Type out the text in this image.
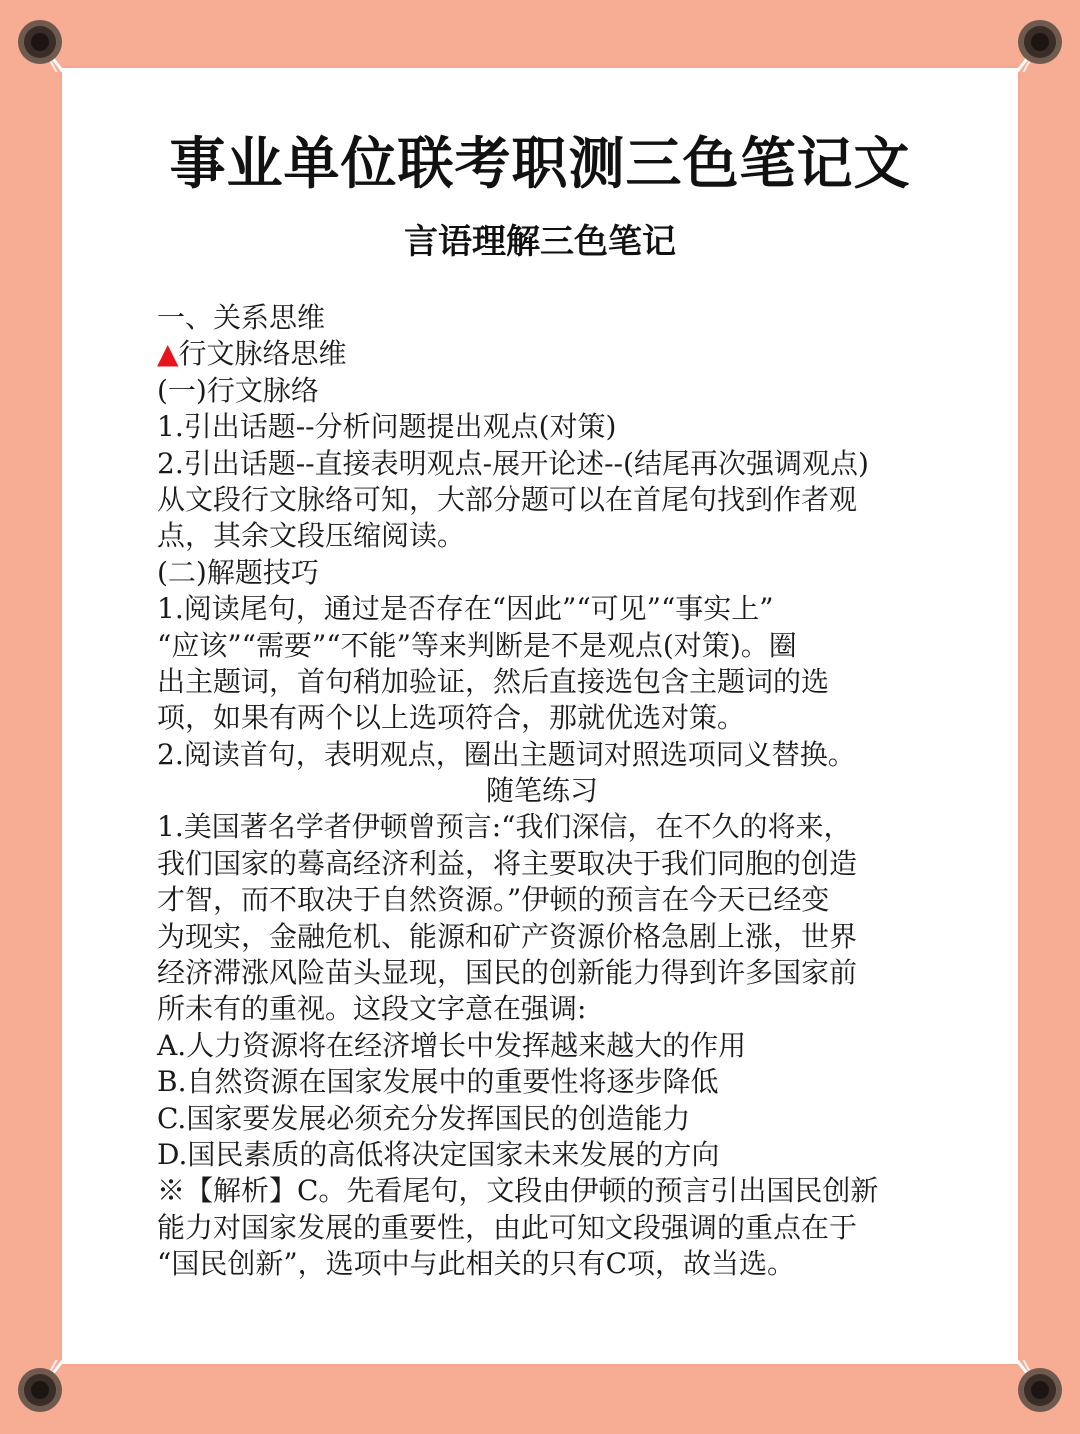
事业单位联考职测三色笔记文
言语理解三色笔记
一、关系思维
▲行文脉络思维
(一)行文脉络
1.引出话题--分析问题提出观点(对策)
2.引出话题--直接表明观点-展开论述--(结尾再次强调观点)
从文段行文脉络可知，大部分题可以在首尾句找到作者观
点，其余文段压缩阅读。
(二)解题技巧
1.阅读尾句，通过是否存在“因此”“可见”“事实上”
“应该”“需要”“不能”等来判断是不是观点(对策)。圈
出主题词，首句稍加验证，然后直接选包含主题词的选
项，如果有两个以上选项符合，那就优选对策。
2.阅读首句，表明观点，圈出主题词对照选项同义替换。
随笔练习
1.美国著名学者伊顿曾预言:“我们深信，在不久的将来，
我们国家的蓦高经济利益，将主要取决于我们同胞的创造
才智，而不取决于自然资源。”伊顿的预言在今天已经变
为现实，金融危机、能源和矿产资源价格急剧上涨，世界
经济滞涨风险苗头显现，国民的创新能力得到许多国家前
所未有的重视。这段文字意在强调:
A.人力资源将在经济增长中发挥越来越大的作用
B.自然资源在国家发展中的重要性将逐步降低
C.国家要发展必须充分发挥国民的创造能力
D.国民素质的高低将决定国家未来发展的方向
※【解析】C。先看尾句，文段由伊顿的预言引出国民创新
能力对国家发展的重要性，由此可知文段强调的重点在于
“国民创新”，选项中与此相关的只有C项，故当选。
